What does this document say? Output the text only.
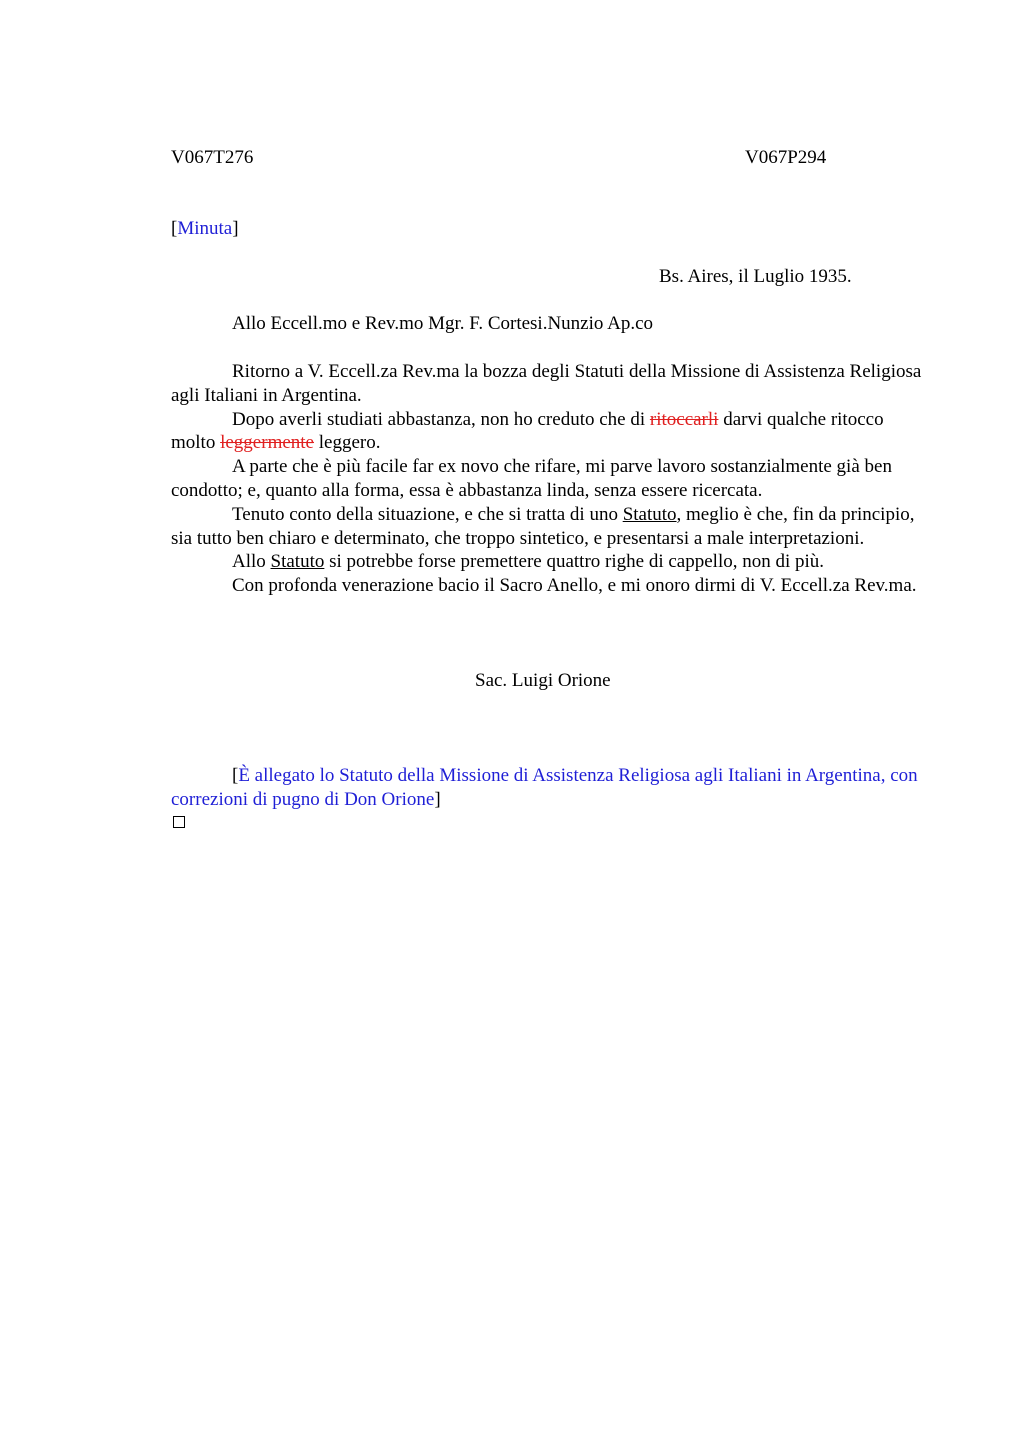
V067T276	V067P294
[Minuta]
Bs. Aires, il Luglio 1935.
Allo Eccell.mo e Rev.mo Mgr. F. Cortesi.Nunzio Ap.co

Ritorno a V. Eccell.za Rev.ma la bozza degli Statuti della Missione di Assistenza Religiosa agli Italiani in Argentina.

Dopo averli studiati abbastanza, non ho creduto che di ritoccarli darvi qualche ritocco molto leggermente leggero.

A parte che è più facile far ex novo che rifare, mi parve lavoro sostanzialmente già ben condotto; e, quanto alla forma, essa è abbastanza linda, senza essere ricercata.

Tenuto conto della situazione, e che si tratta di uno Statuto, meglio è che, fin da principio, sia tutto ben chiaro e determinato, che troppo sintetico, e presentarsi a male interpretazioni.

Allo Statuto si potrebbe forse premettere quattro righe di cappello, non di più.

Con profonda venerazione bacio il Sacro Anello, e mi onoro dirmi di V. Eccell.za Rev.ma.

Sac. Luigi Orione

[È allegato lo Statuto della Missione di Assistenza Religiosa agli Italiani in Argentina, con correzioni di pugno di Don Orione]
